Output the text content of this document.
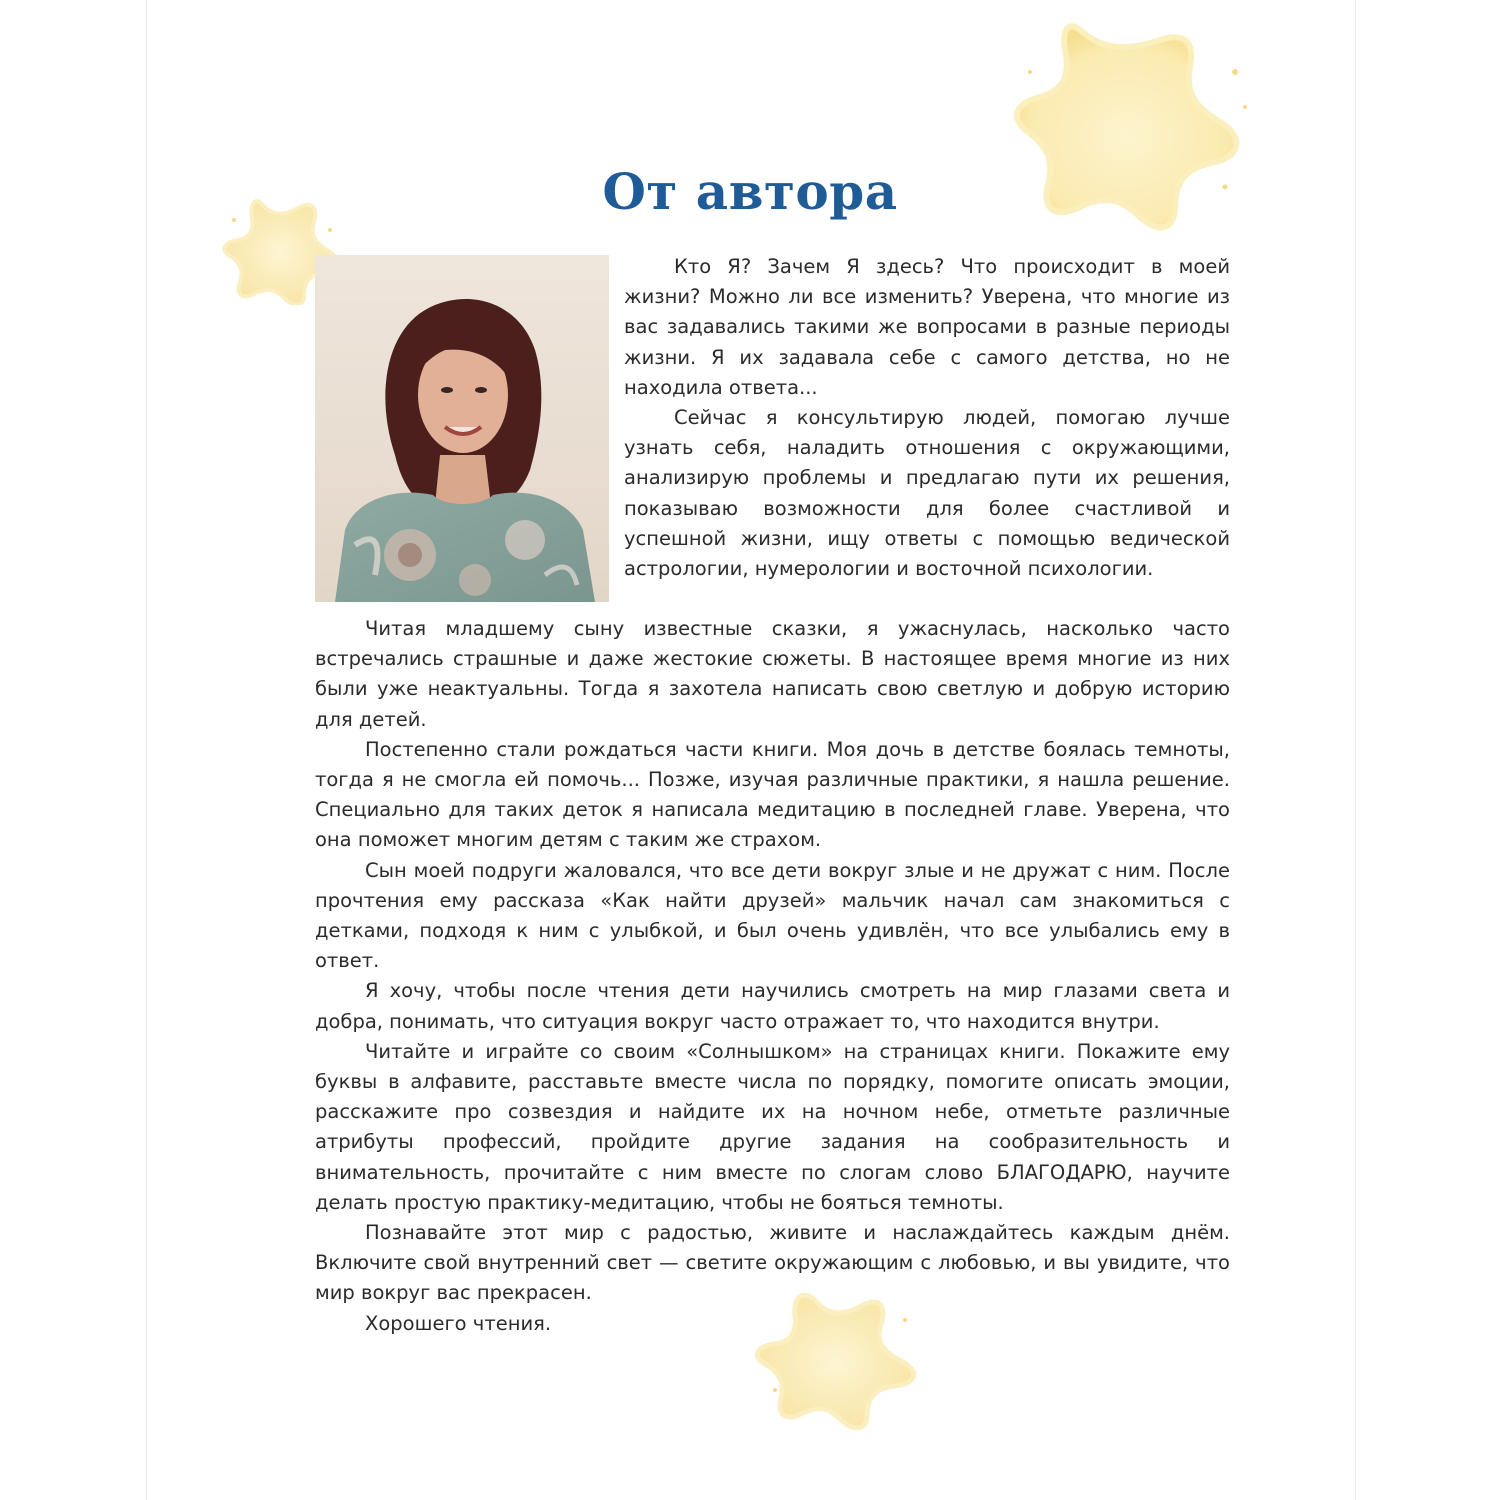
От автора

Кто Я? Зачем Я здесь? Что происходит в моей жизни? Можно ли все изменить? Уверена, что многие из вас задавались такими же вопросами в разные периоды жизни. Я их задавала себе с самого детства, но не находила ответа...

Сейчас я консультирую людей, помогаю лучше узнать себя, наладить отношения с окружающими, анализирую проблемы и предлагаю пути их решения, показываю возможности для более счастливой и успешной жизни, ищу ответы с помощью ведической астрологии, нумерологии и восточной психологии.

Читая младшему сыну известные сказки, я ужаснулась, насколько часто встречались страшные и даже жестокие сюжеты. В настоящее время многие из них были уже неактуальны. Тогда я захотела написать свою светлую и добрую историю для детей.

Постепенно стали рождаться части книги. Моя дочь в детстве боялась темноты, тогда я не смогла ей помочь... Позже, изучая различные практики, я нашла решение. Специально для таких деток я написала медитацию в последней главе. Уверена, что она поможет многим детям с таким же страхом.

Сын моей подруги жаловался, что все дети вокруг злые и не дружат с ним. После прочтения ему рассказа «Как найти друзей» мальчик начал сам знакомиться с детками, подходя к ним с улыбкой, и был очень удивлён, что все улыбались ему в ответ.

Я хочу, чтобы после чтения дети научились смотреть на мир глазами света и добра, понимать, что ситуация вокруг часто отражает то, что находится внутри.

Читайте и играйте со своим «Солнышком» на страницах книги. Покажите ему буквы в алфавите, расставьте вместе числа по порядку, помогите описать эмоции, расскажите про созвездия и найдите их на ночном небе, отметьте различные атрибуты профессий, пройдите другие задания на сообразительность и внимательность, прочитайте с ним вместе по слогам слово БЛАГОДАРЮ, научите делать простую практику-медитацию, чтобы не бояться темноты.

Познавайте этот мир с радостью, живите и наслаждайтесь каждым днём. Включите свой внутренний свет — светите окружающим с любовью, и вы увидите, что мир вокруг вас прекрасен.

Хорошего чтения.
